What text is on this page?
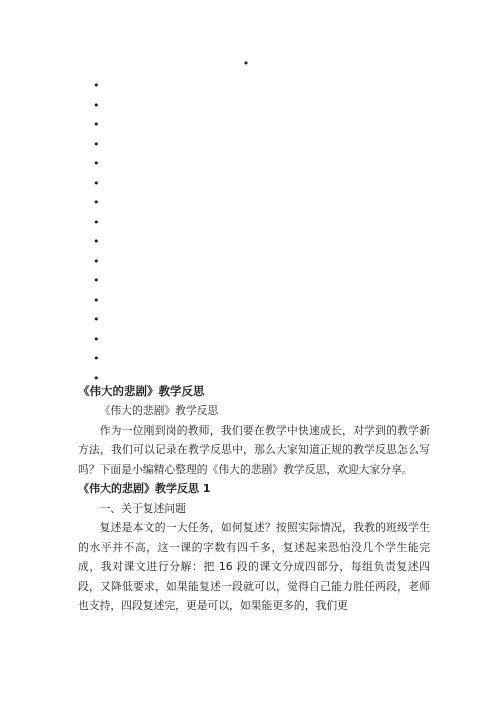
•
•
•
•
•
•
•
•
•
•
•
•
•
•
•
•
•
《伟大的悲剧》教学反思

《伟大的悲剧》教学反思

作为一位刚到岗的教师，我们要在教学中快速成长，对学到的教学新方法，我们可以记录在教学反思中，那么大家知道正规的教学反思怎么写吗？下面是小编精心整理的《伟大的悲剧》教学反思，欢迎大家分享。

《伟大的悲剧》教学反思 1

一、关于复述问题

复述是本文的一大任务，如何复述？按照实际情况，我教的班级学生的水平并不高，这一课的字数有四千多，复述起来恐怕没几个学生能完成，我对课文进行分解：把 16 段的课文分成四部分，每组负责复述四段，又降低要求，如果能复述一段就可以，觉得自己能力胜任两段，老师也支持，四段复述完，更是可以，如果能更多的，我们更
